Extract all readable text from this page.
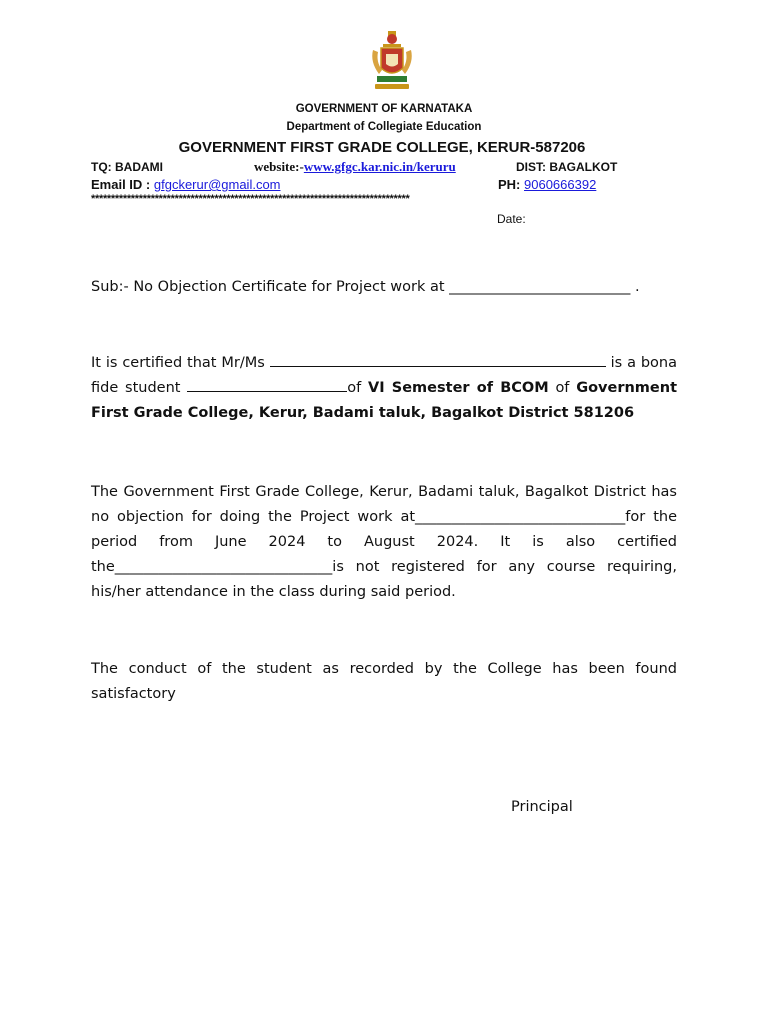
GOVERNMENT OF KARNATAKA
Department of Collegiate Education
GOVERNMENT FIRST GRADE COLLEGE, KERUR-587206
TQ: BADAMI	website:-www.gfgc.kar.nic.in/keruru	DIST: BAGALKOT
Email ID : gfgckerur@gmail.com	PH: 9060666392
********************************************************************************
Date:
Sub:- No Objection Certificate for Project work at _________________________ .
It is certified that Mr/Ms	is a bona fide student	of VI Semester of BCOM of Government First Grade College, Kerur, Badami taluk, Bagalkot District 581206
The Government First Grade College, Kerur, Badami taluk, Bagalkot District has no objection for doing the Project work at_____________________________for the period from June 2024 to August 2024. It is also certified the______________________________is not registered for any course requiring, his/her attendance in the class during said period.
The conduct of the student as recorded by the College has been found satisfactory
Principal
